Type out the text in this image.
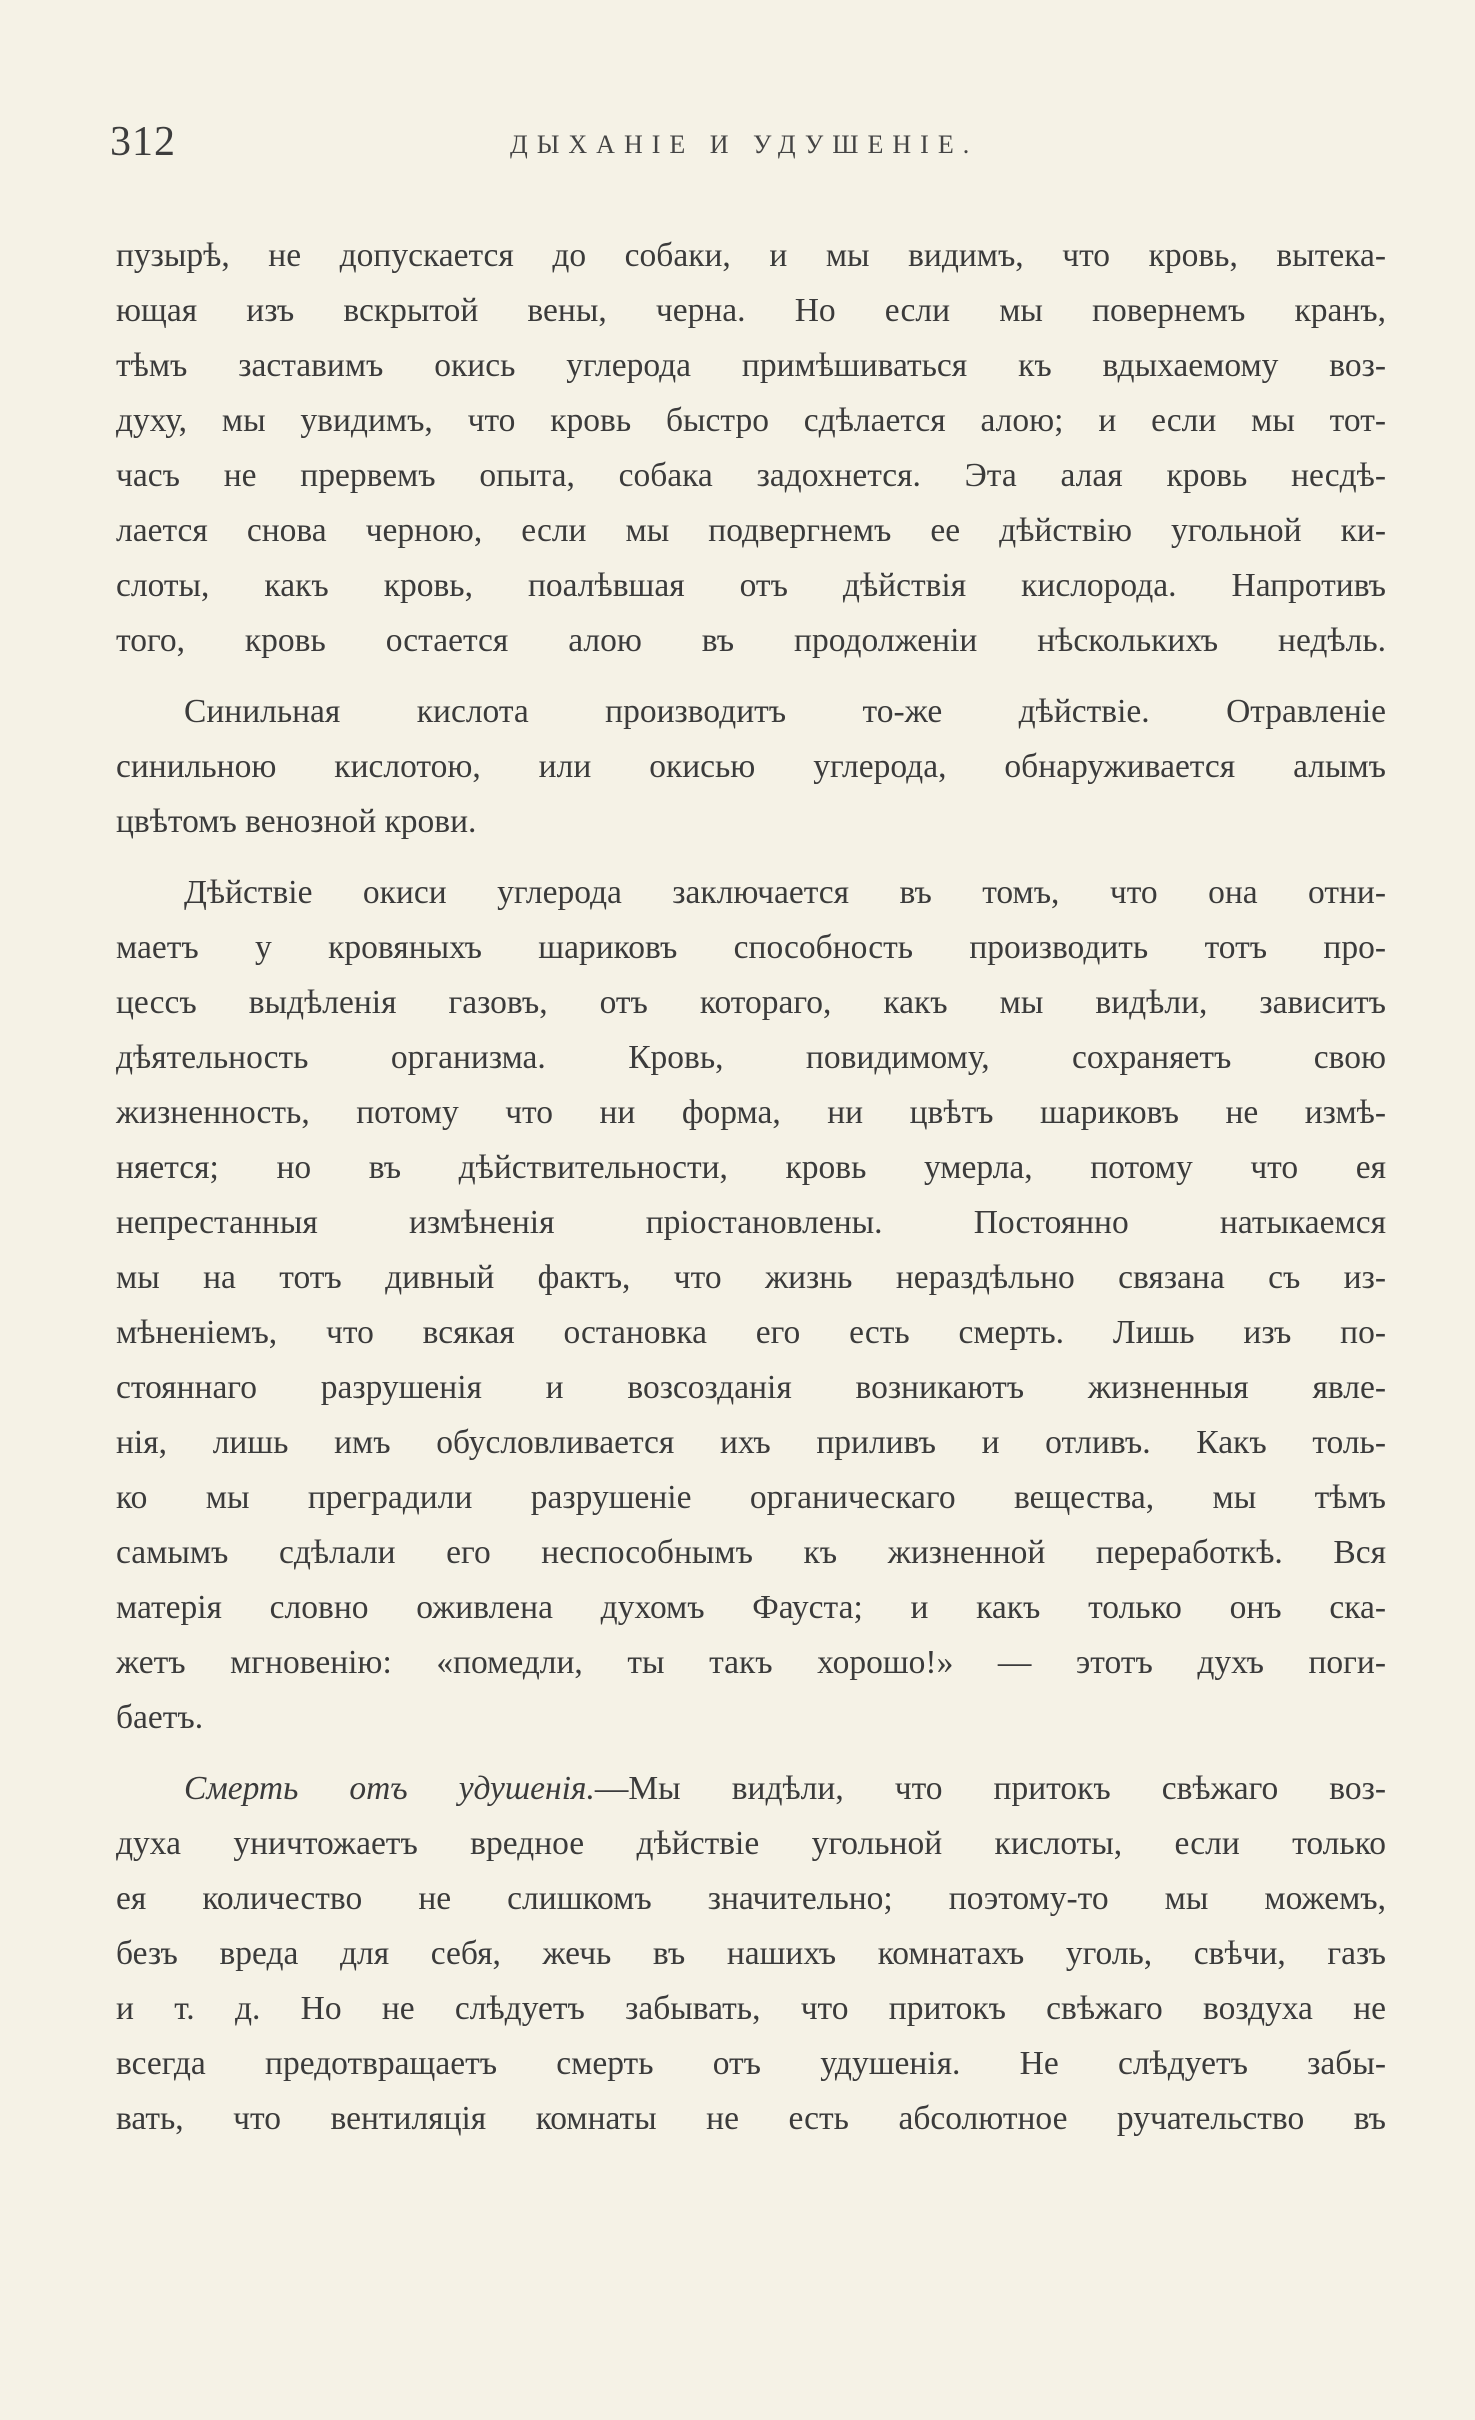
312	ДЫХАНІЕ И УДУШЕНІЕ.
пузырѣ, не допускается до собаки, и мы видимъ, что кровь, вытека-
ющая изъ вскрытой вены, черна. Но если мы повернемъ кранъ,
тѣмъ заставимъ окись углерода примѣшиваться къ вдыхаемому воз-
духу, мы увидимъ, что кровь быстро сдѣлается алою; и если мы тот-
часъ не прервемъ опыта, собака задохнется. Эта алая кровь несдѣ-
лается снова черною, если мы подвергнемъ ее дѣйствію угольной ки-
слоты, какъ кровь, поалѣвшая отъ дѣйствія кислорода. Напротивъ
того, кровь остается алою въ продолженіи нѣсколькихъ недѣль.
Синильная кислота производитъ то-же дѣйствіе. Отравленіе
синильною кислотою, или окисью углерода, обнаруживается алымъ
цвѣтомъ венозной крови.
Дѣйствіе окиси углерода заключается въ томъ, что она отни-
маетъ у кровяныхъ шариковъ способность производить тотъ про-
цессъ выдѣленія газовъ, отъ котораго, какъ мы видѣли, зависитъ
дѣятельность организма. Кровь, повидимому, сохраняетъ свою
жизненность, потому что ни форма, ни цвѣтъ шариковъ не измѣ-
няется; но въ дѣйствительности, кровь умерла, потому что ея
непрестанныя измѣненія пріостановлены. Постоянно натыкаемся
мы на тотъ дивный фактъ, что жизнь нераздѣльно связана съ из-
мѣненіемъ, что всякая остановка его есть смерть. Лишь изъ по-
стояннаго разрушенія и возсозданія возникаютъ жизненныя явле-
нія, лишь имъ обусловливается ихъ приливъ и отливъ. Какъ толь-
ко мы преградили разрушеніе органическаго вещества, мы тѣмъ
самымъ сдѣлали его неспособнымъ къ жизненной переработкѣ. Вся
матерія словно оживлена духомъ Фауста; и какъ только онъ ска-
жетъ мгновенію: «помедли, ты такъ хорошо!» — этотъ духъ поги-
баетъ.
Смерть отъ удушенія.—Мы видѣли, что притокъ свѣжаго воз-
духа уничтожаетъ вредное дѣйствіе угольной кислоты, если только
ея количество не слишкомъ значительно; поэтому-то мы можемъ,
безъ вреда для себя, жечь въ нашихъ комнатахъ уголь, свѣчи, газъ
и т. д. Но не слѣдуетъ забывать, что притокъ свѣжаго воздуха не
всегда предотвращаетъ смерть отъ удушенія. Не слѣдуетъ забы-
вать, что вентиляція комнаты не есть абсолютное ручательство въ
